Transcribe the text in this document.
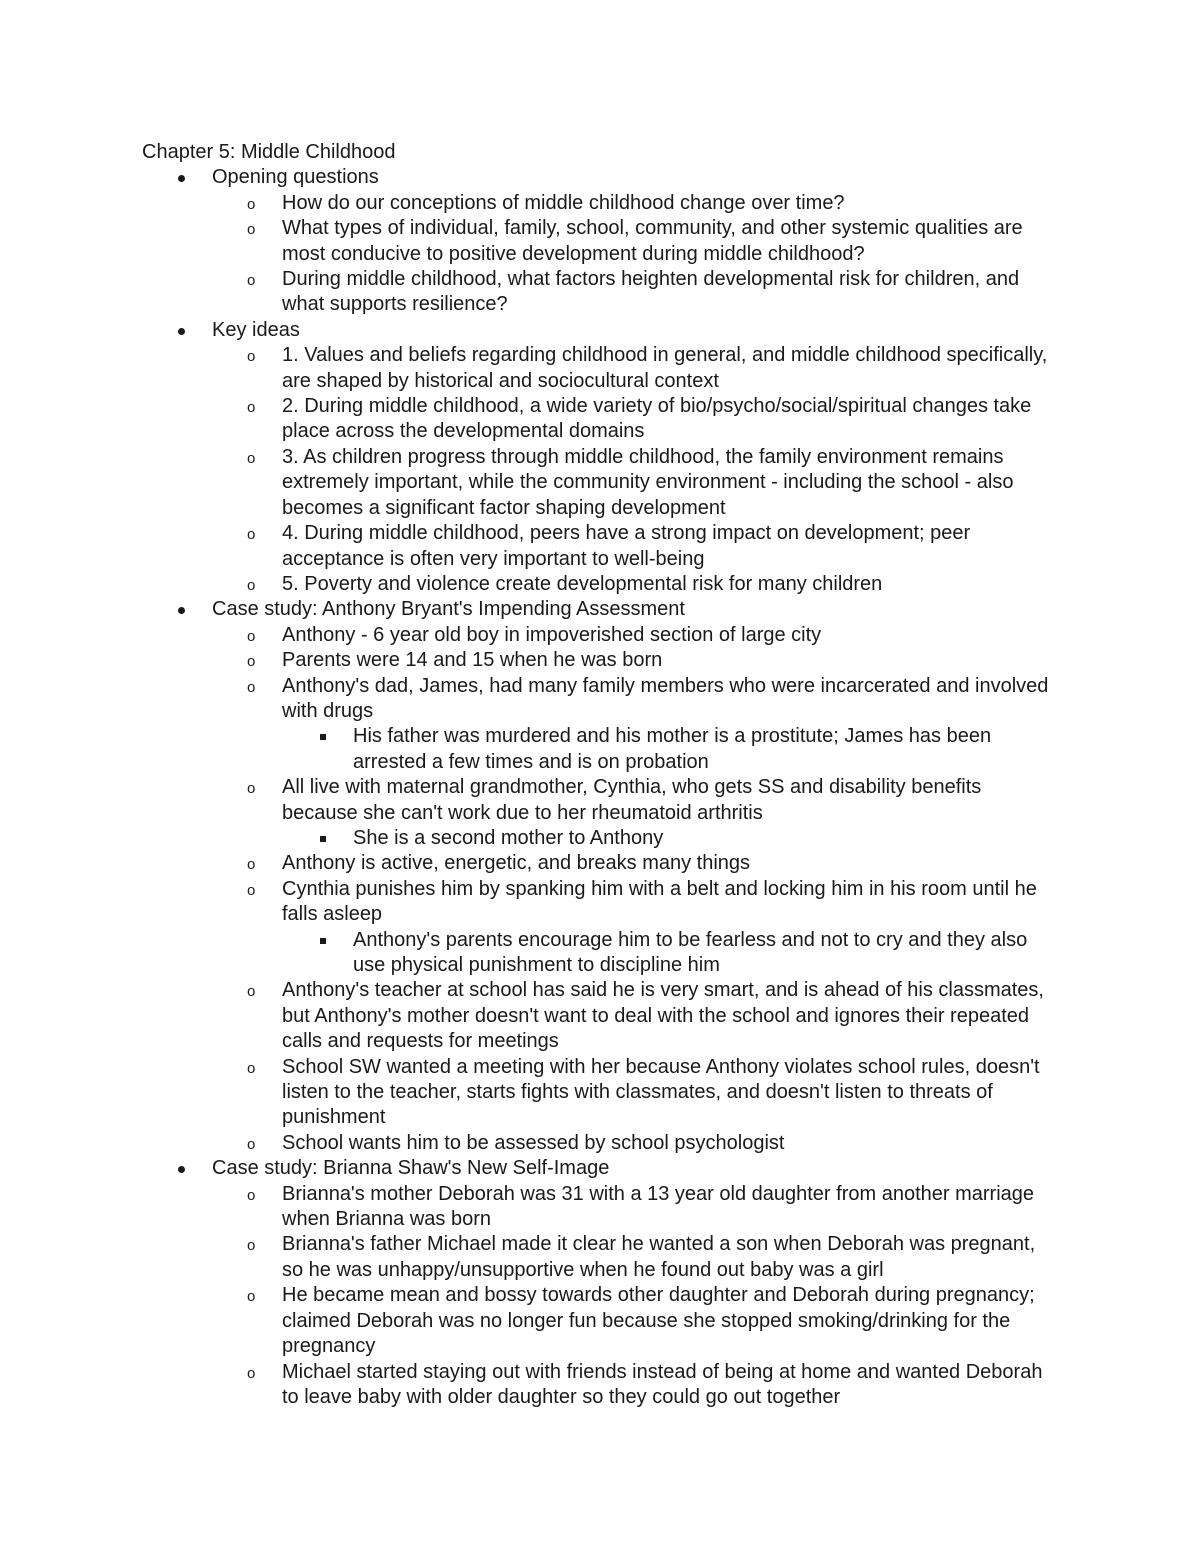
Chapter 5: Middle Childhood
Opening questions
o How do our conceptions of middle childhood change over time?
o What types of individual, family, school, community, and other systemic qualities are most conducive to positive development during middle childhood?
o During middle childhood, what factors heighten developmental risk for children, and what supports resilience?
Key ideas
o 1. Values and beliefs regarding childhood in general, and middle childhood specifically, are shaped by historical and sociocultural context
o 2. During middle childhood, a wide variety of bio/psycho/social/spiritual changes take place across the developmental domains
o 3. As children progress through middle childhood, the family environment remains extremely important, while the community environment - including the school - also becomes a significant factor shaping development
o 4. During middle childhood, peers have a strong impact on development; peer acceptance is often very important to well-being
o 5. Poverty and violence create developmental risk for many children
Case study: Anthony Bryant's Impending Assessment
o Anthony - 6 year old boy in impoverished section of large city
o Parents were 14 and 15 when he was born
o Anthony's dad, James, had many family members who were incarcerated and involved with drugs
His father was murdered and his mother is a prostitute; James has been arrested a few times and is on probation
o All live with maternal grandmother, Cynthia, who gets SS and disability benefits because she can't work due to her rheumatoid arthritis
She is a second mother to Anthony
o Anthony is active, energetic, and breaks many things
o Cynthia punishes him by spanking him with a belt and locking him in his room until he falls asleep
Anthony's parents encourage him to be fearless and not to cry and they also use physical punishment to discipline him
o Anthony's teacher at school has said he is very smart, and is ahead of his classmates, but Anthony's mother doesn't want to deal with the school and ignores their repeated calls and requests for meetings
o School SW wanted a meeting with her because Anthony violates school rules, doesn't listen to the teacher, starts fights with classmates, and doesn't listen to threats of punishment
o School wants him to be assessed by school psychologist
Case study: Brianna Shaw's New Self-Image
o Brianna's mother Deborah was 31 with a 13 year old daughter from another marriage when Brianna was born
o Brianna's father Michael made it clear he wanted a son when Deborah was pregnant, so he was unhappy/unsupportive when he found out baby was a girl
o He became mean and bossy towards other daughter and Deborah during pregnancy; claimed Deborah was no longer fun because she stopped smoking/drinking for the pregnancy
o Michael started staying out with friends instead of being at home and wanted Deborah to leave baby with older daughter so they could go out together
